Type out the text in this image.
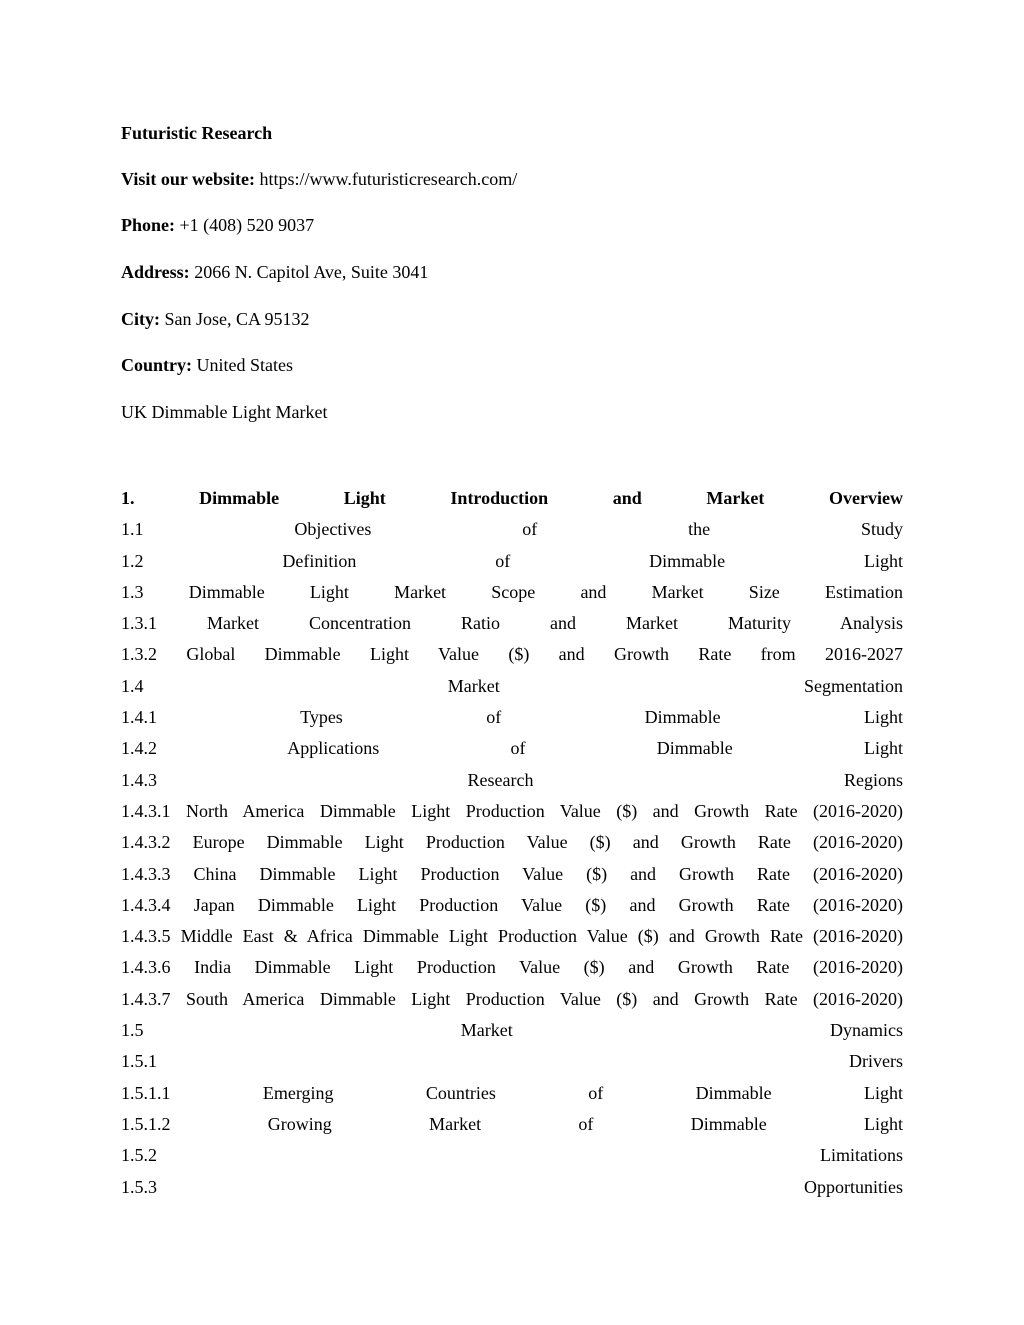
Futuristic Research
Visit our website: https://www.futuristicresearch.com/
Phone: +1 (408) 520 9037
Address: 2066 N. Capitol Ave, Suite 3041
City: San Jose, CA 95132
Country: United States
UK Dimmable Light Market
1. Dimmable Light Introduction and Market Overview
1.1 Objectives of the Study
1.2 Definition of Dimmable Light
1.3 Dimmable Light Market Scope and Market Size Estimation
1.3.1 Market Concentration Ratio and Market Maturity Analysis
1.3.2 Global Dimmable Light Value ($) and Growth Rate from 2016-2027
1.4 Market Segmentation
1.4.1 Types of Dimmable Light
1.4.2 Applications of Dimmable Light
1.4.3 Research Regions
1.4.3.1 North America Dimmable Light Production Value ($) and Growth Rate (2016-2020)
1.4.3.2 Europe Dimmable Light Production Value ($) and Growth Rate (2016-2020)
1.4.3.3 China Dimmable Light Production Value ($) and Growth Rate (2016-2020)
1.4.3.4 Japan Dimmable Light Production Value ($) and Growth Rate (2016-2020)
1.4.3.5 Middle East & Africa Dimmable Light Production Value ($) and Growth Rate (2016-2020)
1.4.3.6 India Dimmable Light Production Value ($) and Growth Rate (2016-2020)
1.4.3.7 South America Dimmable Light Production Value ($) and Growth Rate (2016-2020)
1.5 Market Dynamics
1.5.1 Drivers
1.5.1.1 Emerging Countries of Dimmable Light
1.5.1.2 Growing Market of Dimmable Light
1.5.2 Limitations
1.5.3 Opportunities
